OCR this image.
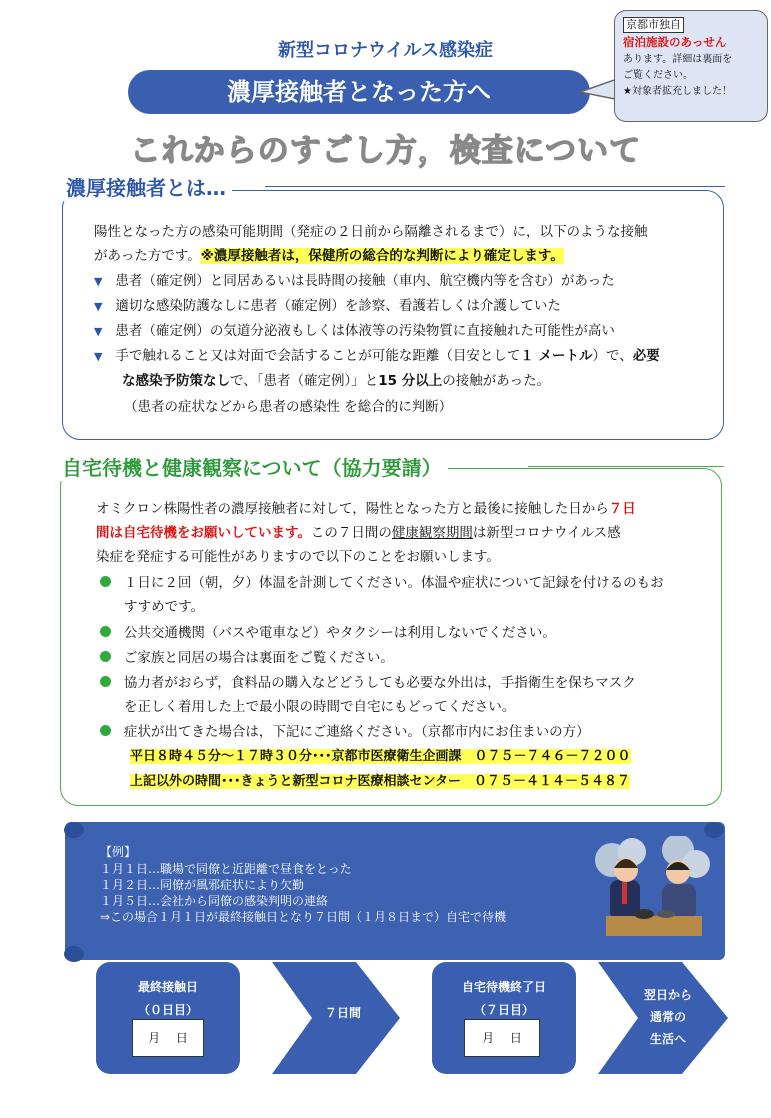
新型コロナウイルス感染症
濃厚接触者となった方へ
京都市独自
宿泊施設のあっせん
あります。詳細は裏面を
ご覧ください。
★対象者拡充しました！
これからのすごし方，検査について
濃厚接触者とは…
陽性となった方の感染可能期間（発症の２日前から隔離されるまで）に，以下のような接触
があった方です。※濃厚接触者は，保健所の総合的な判断により確定します。
▼ 患者（確定例）と同居あるいは長時間の接触（車内、航空機内等を含む）があった
▼ 適切な感染防護なしに患者（確定例）を診察、看護若しくは介護していた
▼ 患者（確定例）の気道分泌液もしくは体液等の汚染物質に直接触れた可能性が高い
▼ 手で触れること又は対面で会話することが可能な距離（目安として１ メートル）で、必要
な感染予防策なしで、「患者（確定例）」と15 分以上の接触があった。
（患者の症状などから患者の感染性 を総合的に判断）
自宅待機と健康観察について（協力要請）
オミクロン株陽性者の濃厚接触者に対して，陽性となった方と最後に接触した日から７日
間は自宅待機をお願いしています。この７日間の健康観察期間は新型コロナウイルス感
染症を発症する可能性がありますので以下のことをお願いします。
１日に２回（朝，夕）体温を計測してください。体温や症状について記録を付けるのもお
すすめです。
公共交通機関（バスや電車など）やタクシーは利用しないでください。
ご家族と同居の場合は裏面をご覧ください。
協力者がおらず，食料品の購入などどうしても必要な外出は，手指衛生を保ちマスク
を正しく着用した上で最小限の時間で自宅にもどってください。
症状が出てきた場合は，下記にご連絡ください。（京都市内にお住まいの方）
平日８時４５分～１７時３０分･･･京都市医療衛生企画課　０７５－７４６－７２００
上記以外の時間･･･きょうと新型コロナ医療相談センター　０７５－４１４－５４８７
【例】
１月１日…職場で同僚と近距離で昼食をとった
１月２日…同僚が風邪症状により欠勤
１月５日…会社から同僚の感染判明の連絡
⇒この場合１月１日が最終接触日となり７日間（１月８日まで）自宅で待機
最終接触日
（０日目）
月　 日
７日間
自宅待機終了日
（７日目）
月　 日
翌日から
通常の
生活へ
